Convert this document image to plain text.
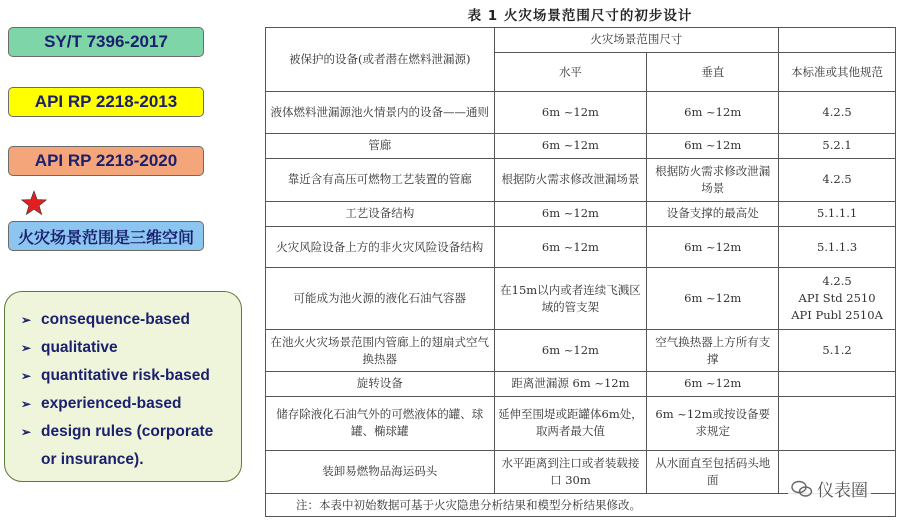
SY/T 7396-2017
API RP 2218-2013
API RP 2218-2020
火灾场景范围是三维空间
➢ consequence-based
➢ qualitative
➢ quantitative risk-based
➢ experienced-based
➢ design rules (corporate
or insurance).
表 1 火灾场景范围尺寸的初步设计
被保护的设备(或者潜在燃料泄漏源)	火灾场景范围尺寸		
	水平	垂直	本标准或其他规范
液体燃料泄漏源池火情景内的设备——通则	6m ~12m	6m ~12m	4.2.5
管廊	6m ~12m	6m ~12m	5.2.1
靠近含有高压可燃物工艺装置的管廊	根据防火需求修改泄漏场景	根据防火需求修改泄漏场景	4.2.5
工艺设备结构	6m ~12m	设备支撑的最高处	5.1.1.1
火灾风险设备上方的非火灾风险设备结构	6m ~12m	6m ~12m	5.1.1.3
可能成为池火源的液化石油气容器	在15m以内或者连续飞溅区域的管支架	6m ~12m	4.2.5
API Std 2510
API Publ 2510A
在池火火灾场景范围内管廊上的翅扇式空气换热器	6m ~12m	空气换热器上方所有支撑	5.1.2
旋转设备	距离泄漏源 6m ~12m	6m ~12m	
储存除液化石油气外的可燃液体的罐、球罐、椭球罐	延伸至围堤或距罐体6m处，取两者最大值	6m ~12m或按设备要求规定	
装卸易燃物品海运码头	水平距离到注口或者装载接口 30m	从水面直至包括码头地面	
注：本表中初始数据可基于火灾隐患分析结果和模型分析结果修改。			
仪表圈
